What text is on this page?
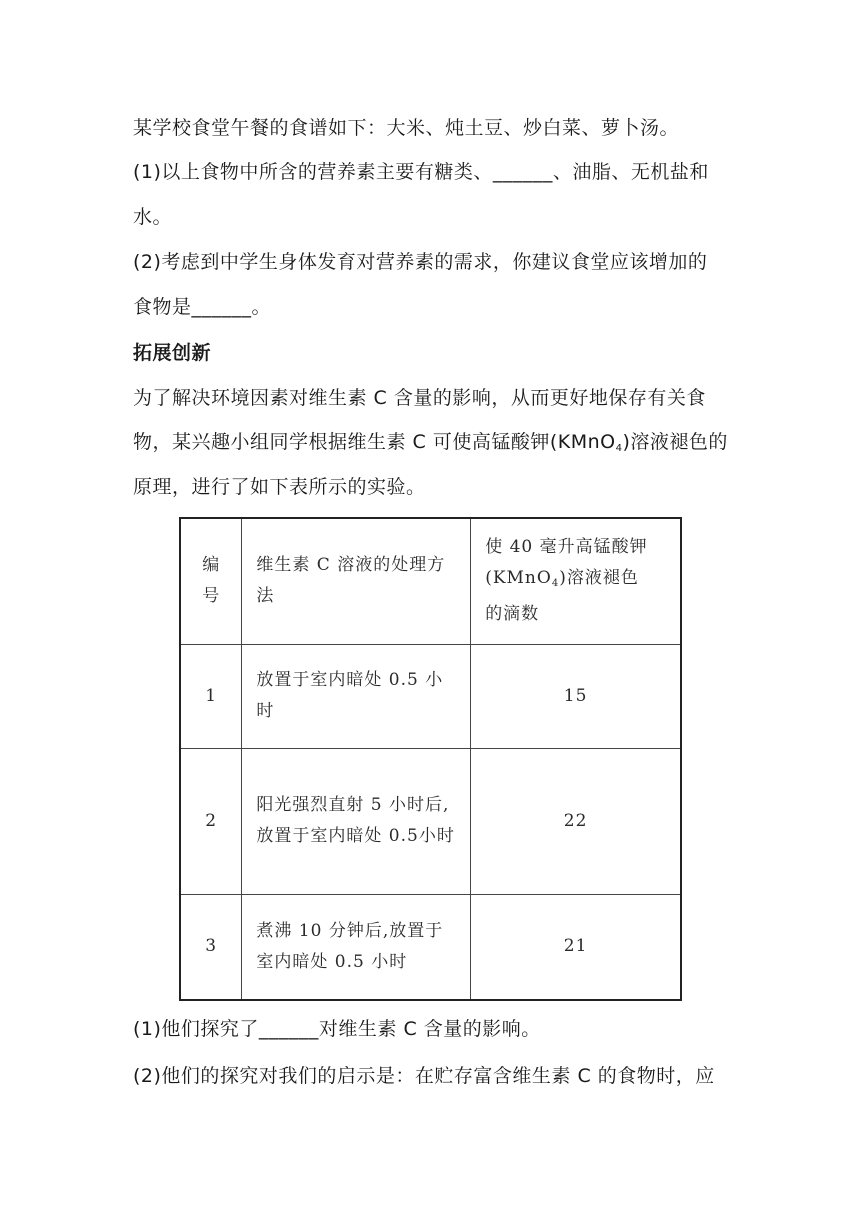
某学校食堂午餐的食谱如下：大米、炖土豆、炒白菜、萝卜汤。
(1)以上食物中所含的营养素主要有糖类、______、油脂、无机盐和
水。
(2)考虑到中学生身体发育对营养素的需求，你建议食堂应该增加的
食物是______。
拓展创新
为了解决环境因素对维生素 C 含量的影响，从而更好地保存有关食
物，某兴趣小组同学根据维生素 C 可使高锰酸钾(KMnO$_4$)溶液褪色的
原理，进行了如下表所示的实验。
编号	维生素 C 溶液的处理方法	使 40 毫升高锰酸钾
(KMnO$_4$)溶液褪色
的滴数

1	放置于室内暗处 0.5 小时	15
2	阳光强烈直射 5 小时后,放置于室内暗处 0.5小时	22
3	煮沸 10 分钟后,放置于室内暗处 0.5 小时	21
(1)他们探究了______对维生素 C 含量的影响。
(2)他们的探究对我们的启示是：在贮存富含维生素 C 的食物时，应
